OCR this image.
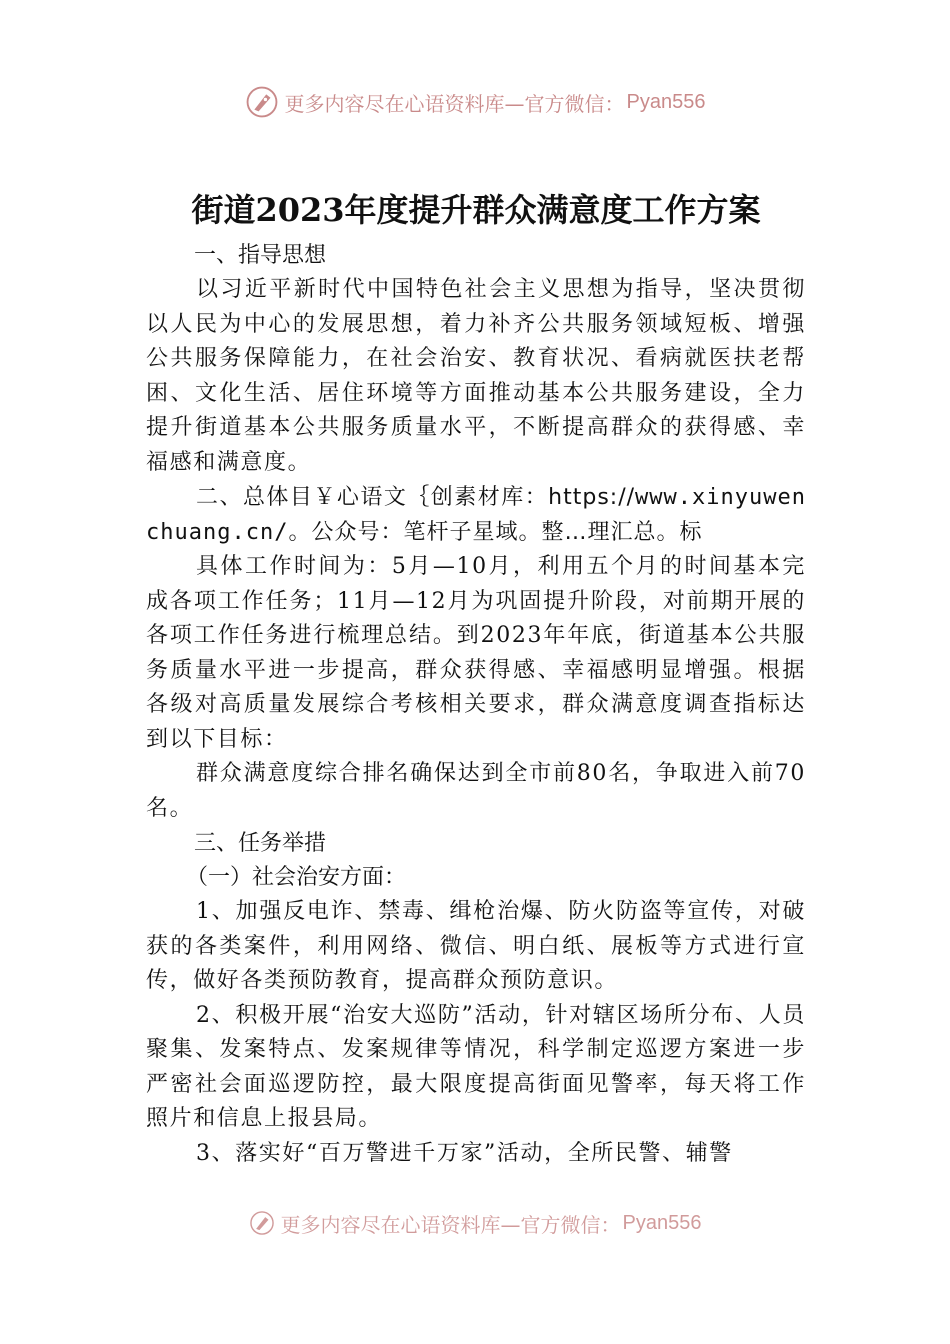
更多内容尽在心语资料库—官方微信： Pyan556
街道2023年度提升群众满意度工作方案
一、指导思想

以习近平新时代中国特色社会主义思想为指导，坚决贯彻以人民为中心的发展思想，着力补齐公共服务领域短板、增强公共服务保障能力，在社会治安、教育状况、看病就医扶老帮困、文化生活、居住环境等方面推动基本公共服务建设，全力提升街道基本公共服务质量水平，不断提高群众的获得感、幸福感和满意度。

二、总体目￥心语文｛创素材库：https://www.xinyuwenchuang.cn/。公众号：笔杆子星域。整…理汇总。标

具体工作时间为：5月—10月，利用五个月的时间基本完成各项工作任务；11月—12月为巩固提升阶段，对前期开展的各项工作任务进行梳理总结。到2023年年底，街道基本公共服务质量水平进一步提高，群众获得感、幸福感明显增强。根据各级对高质量发展综合考核相关要求，群众满意度调查指标达到以下目标：

群众满意度综合排名确保达到全市前80名，争取进入前70名。

三、任务举措
（一）社会治安方面：

1、加强反电诈、禁毒、缉枪治爆、防火防盗等宣传，对破获的各类案件，利用网络、微信、明白纸、展板等方式进行宣传，做好各类预防教育，提高群众预防意识。

2、积极开展“治安大巡防”活动，针对辖区场所分布、人员聚集、发案特点、发案规律等情况，科学制定巡逻方案进一步严密社会面巡逻防控，最大限度提高街面见警率，每天将工作照片和信息上报县局。

3、落实好“百万警进千万家”活动，全所民警、辅警

更多内容尽在心语资料库—官方微信： Pyan556
